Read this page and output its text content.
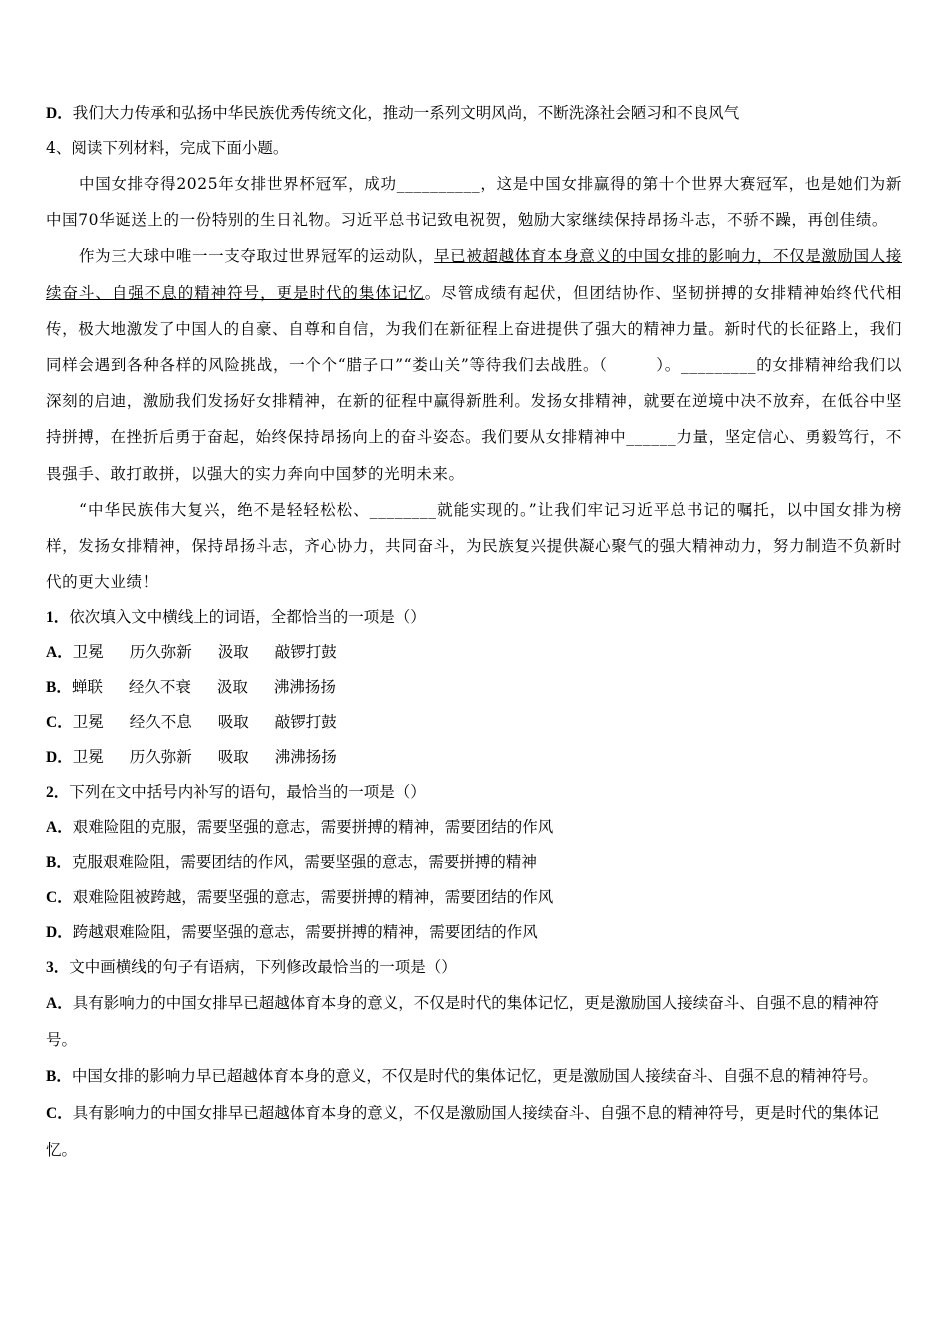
D．我们大力传承和弘扬中华民族优秀传统文化，推动一系列文明风尚，不断洗涤社会陋习和不良风气
4、阅读下列材料，完成下面小题。
中国女排夺得2025年女排世界杯冠军，成功__________，这是中国女排赢得的第十个世界大赛冠军，也是她们为新中国70华诞送上的一份特别的生日礼物。习近平总书记致电祝贺，勉励大家继续保持昂扬斗志，不骄不躁，再创佳绩。
作为三大球中唯一一支夺取过世界冠军的运动队，早已被超越体育本身意义的中国女排的影响力，不仅是激励国人接续奋斗、自强不息的精神符号，更是时代的集体记忆。尽管成绩有起伏，但团结协作、坚韧拼搏的女排精神始终代代相传，极大地激发了中国人的自豪、自尊和自信，为我们在新征程上奋进提供了强大的精神力量。新时代的长征路上，我们同样会遇到各种各样的风险挑战，一个个“腊子口”“娄山关”等待我们去战胜。（　　　）。_________的女排精神给我们以深刻的启迪，激励我们发扬好女排精神，在新的征程中赢得新胜利。发扬女排精神，就要在逆境中决不放弃，在低谷中坚持拼搏，在挫折后勇于奋起，始终保持昂扬向上的奋斗姿态。我们要从女排精神中______力量，坚定信心、勇毅笃行，不畏强手、敢打敢拼，以强大的实力奔向中国梦的光明未来。
“中华民族伟大复兴，绝不是轻轻松松、________就能实现的。”让我们牢记习近平总书记的嘱托，以中国女排为榜样，发扬女排精神，保持昂扬斗志，齐心协力，共同奋斗，为民族复兴提供凝心聚气的强大精神动力，努力制造不负新时代的更大业绩！
1．依次填入文中横线上的词语，全都恰当的一项是（）
A．卫冕 历久弥新 汲取 敲锣打鼓
B．蝉联 经久不衰 汲取 沸沸扬扬
C．卫冕 经久不息 吸取 敲锣打鼓
D．卫冕 历久弥新 吸取 沸沸扬扬
2．下列在文中括号内补写的语句，最恰当的一项是（）
A．艰难险阻的克服，需要坚强的意志，需要拼搏的精神，需要团结的作风
B．克服艰难险阻，需要团结的作风，需要坚强的意志，需要拼搏的精神
C．艰难险阻被跨越，需要坚强的意志，需要拼搏的精神，需要团结的作风
D．跨越艰难险阻，需要坚强的意志，需要拼搏的精神，需要团结的作风
3．文中画横线的句子有语病，下列修改最恰当的一项是（）
A．具有影响力的中国女排早已超越体育本身的意义，不仅是时代的集体记忆，更是激励国人接续奋斗、自强不息的精神符号。
B．中国女排的影响力早已超越体育本身的意义，不仅是时代的集体记忆，更是激励国人接续奋斗、自强不息的精神符号。
C．具有影响力的中国女排早已超越体育本身的意义，不仅是激励国人接续奋斗、自强不息的精神符号，更是时代的集体记忆。
